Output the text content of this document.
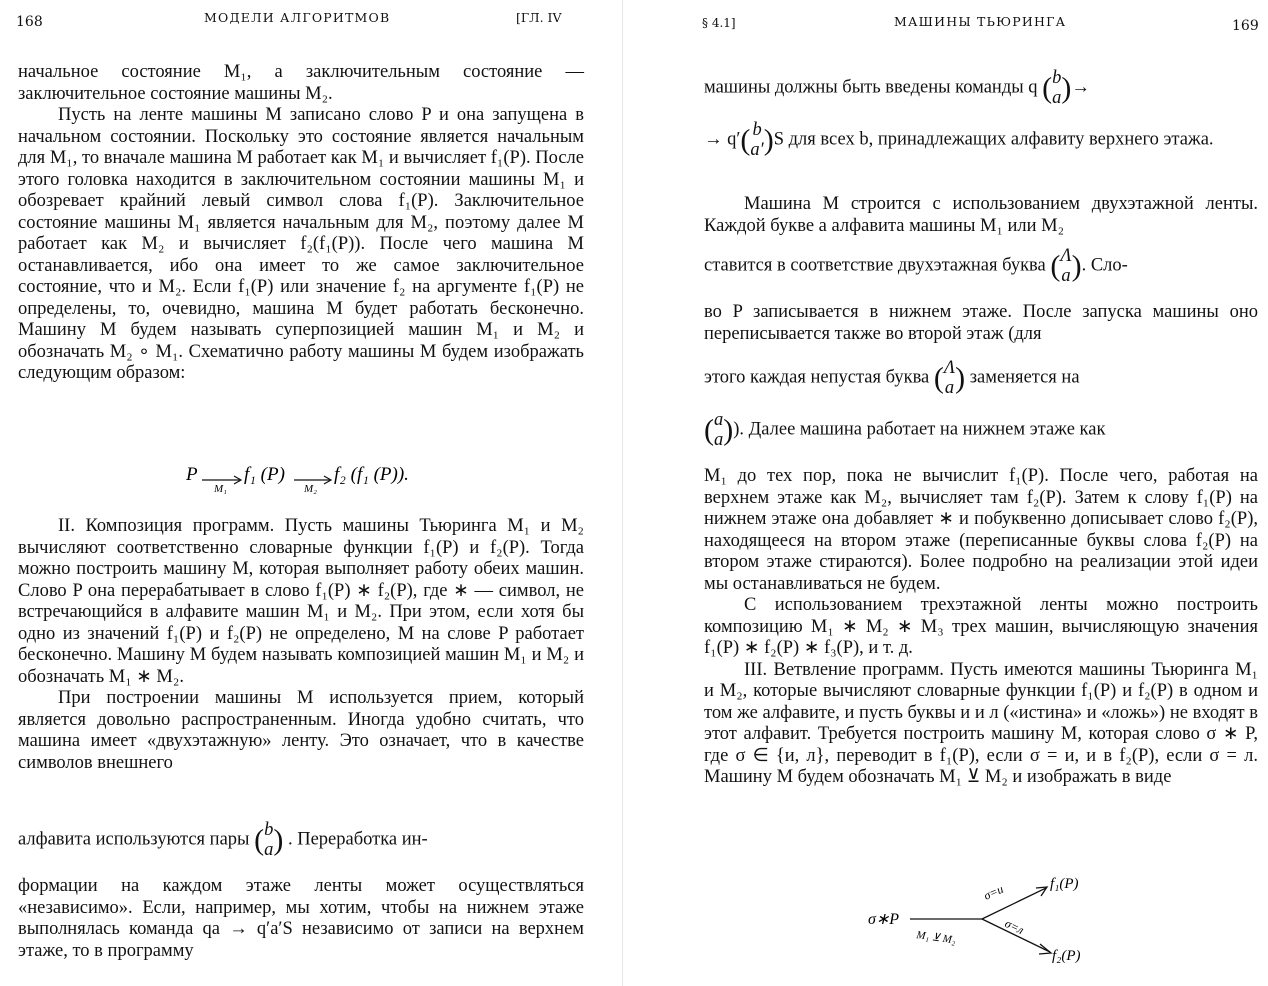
168	МОДЕЛИ АЛГОРИТМОВ	[ГЛ. IV

начальное состояние M₁, а заключительным состояние — заключительное состояние машины M₂.

Пусть на ленте машины M записано слово P и она запущена в начальном состоянии. Поскольку это состояние является начальным для M₁, то вначале машина M работает как M₁ и вычисляет f₁(P). После этого головка находится в заключительном состоянии машины M₁ и обозревает крайний левый символ слова f₁(P). Заключительное состояние машины M₁ является начальным для M₂, поэтому далее M работает как M₂ и вычисляет f₂(f₁(P)). После чего машина M останавливается, ибо она имеет то же самое заключительное состояние, что и M₂. Если f₁(P) или значение f₂ на аргументе f₁(P) не определены, то, очевидно, машина M будет работать бесконечно. Машину M будем называть суперпозицией машин M₁ и M₂ и обозначать M₂ ∘ M₁. Схематично работу машины M будем изображать следующим образом:

P
M₁
f₁ (P)
M₂
f₂ (f₁ (P)).

II. Композиция программ. Пусть машины Тьюринга M₁ и M₂ вычисляют соответственно словарные функции f₁(P) и f₂(P). Тогда можно построить машину M, которая выполняет работу обеих машин. Слово P она перерабатывает в слово f₁(P) ∗ f₂(P), где ∗ — символ, не встречающийся в алфавите машин M₁ и M₂. При этом, если хотя бы одно из значений f₁(P) и f₂(P) не определено, M на слове P работает бесконечно. Машину M будем называть композицией машин M₁ и M₂ и обозначать M₁ ∗ M₂.

При построении машины M используется прием, который является довольно распространенным. Иногда удобно считать, что машина имеет «двухэтажную» ленту. Это означает, что в качестве символов внешнего

алфавита используются пары (b
a) . Переработка ин-

формации на каждом этаже ленты может осуществляться «независимо». Если, например, мы хотим, чтобы на нижнем этаже выполнялась команда qa → q′a′S независимо от записи на верхнем этаже, то в программу

§ 4.1]	МАШИНЫ ТЬЮРИНГА	169
машины должны быть введены команды q (b
a)→
→ q′( b
a′)S для всех b, принадлежащих алфавиту верхнего этажа.

Машина M строится с использованием двухэтажной ленты. Каждой букве a алфавита машины M₁ или M₂

ставится в соответствие двухэтажная буква (Λ
a). Сло-

во P записывается в нижнем этаже. После запуска машины оно переписывается также во второй этаж (для

этого каждая непустая буква (Λ
a) заменяется на
(a
a)). Далее машина работает на нижнем этаже как

M₁ до тех пор, пока не вычислит f₁(P). После чего, работая на верхнем этаже как M₂, вычисляет там f₂(P). Затем к слову f₁(P) на нижнем этаже она добавляет ∗ и побуквенно дописывает слово f₂(P), находящееся на втором этаже (переписанные буквы слова f₂(P) на втором этаже стираются). Более подробно на реализации этой идеи мы останавливаться не будем.

С использованием трехэтажной ленты можно построить композицию M₁ ∗ M₂ ∗ M₃ трех машин, вычисляющую значения f₁(P) ∗ f₂(P) ∗ f₃(P), и т. д.

III. Ветвление программ. Пусть имеются машины Тьюринга M₁ и M₂, которые вычисляют словарные функции f₁(P) и f₂(P) в одном и том же алфавите, и пусть буквы и и л («истина» и «ложь») не входят в этот алфавит. Требуется построить машину M, которая слово σ ∗ P, где σ ∈ {и, л}, переводит в f₁(P), если σ = и, и в f₂(P), если σ = л. Машину M будем обозначать M₁ ⊻ M₂ и изображать в виде

σ∗P
M₁ ⊻ M₂
σ=и
σ=л
f₁(P)
f₂(P)
